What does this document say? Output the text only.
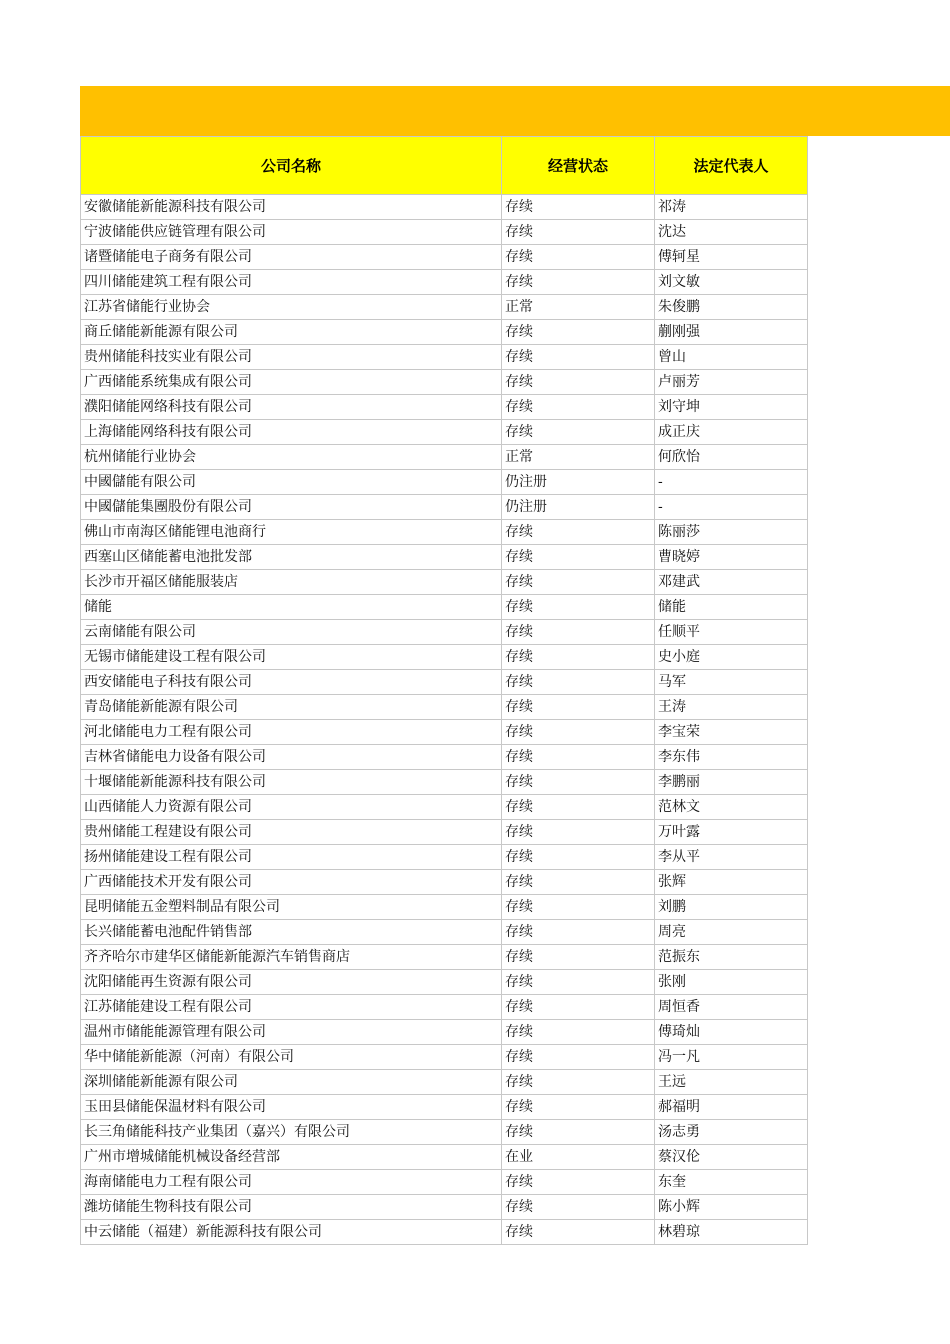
公司名称	经营状态	法定代表人
安徽储能新能源科技有限公司	存续	祁涛
宁波储能供应链管理有限公司	存续	沈达
诸暨储能电子商务有限公司	存续	傅轲星
四川储能建筑工程有限公司	存续	刘文敏
江苏省储能行业协会	正常	朱俊鹏
商丘储能新能源有限公司	存续	蒯刚强
贵州储能科技实业有限公司	存续	曾山
广西储能系统集成有限公司	存续	卢丽芳
濮阳储能网络科技有限公司	存续	刘守坤
上海储能网络科技有限公司	存续	成正庆
杭州储能行业协会	正常	何欣怡
中國儲能有限公司	仍注册	-
中國儲能集團股份有限公司	仍注册	-
佛山市南海区储能锂电池商行	存续	陈丽莎
西塞山区储能蓄电池批发部	存续	曹晓婷
长沙市开福区储能服装店	存续	邓建武
储能	存续	储能
云南储能有限公司	存续	任顺平
无锡市储能建设工程有限公司	存续	史小庭
西安储能电子科技有限公司	存续	马军
青岛储能新能源有限公司	存续	王涛
河北储能电力工程有限公司	存续	李宝荣
吉林省储能电力设备有限公司	存续	李东伟
十堰储能新能源科技有限公司	存续	李鹏丽
山西储能人力资源有限公司	存续	范林文
贵州储能工程建设有限公司	存续	万叶露
扬州储能建设工程有限公司	存续	李从平
广西储能技术开发有限公司	存续	张辉
昆明储能五金塑料制品有限公司	存续	刘鹏
长兴储能蓄电池配件销售部	存续	周亮
齐齐哈尔市建华区储能新能源汽车销售商店	存续	范振东
沈阳储能再生资源有限公司	存续	张刚
江苏储能建设工程有限公司	存续	周恒香
温州市储能能源管理有限公司	存续	傅琦灿
华中储能新能源（河南）有限公司	存续	冯一凡
深圳储能新能源有限公司	存续	王远
玉田县储能保温材料有限公司	存续	郝福明
长三角储能科技产业集团（嘉兴）有限公司	存续	汤志勇
广州市增城储能机械设备经营部	在业	蔡汉伦
海南储能电力工程有限公司	存续	东奎
潍坊储能生物科技有限公司	存续	陈小辉
中云储能（福建）新能源科技有限公司	存续	林碧琼
